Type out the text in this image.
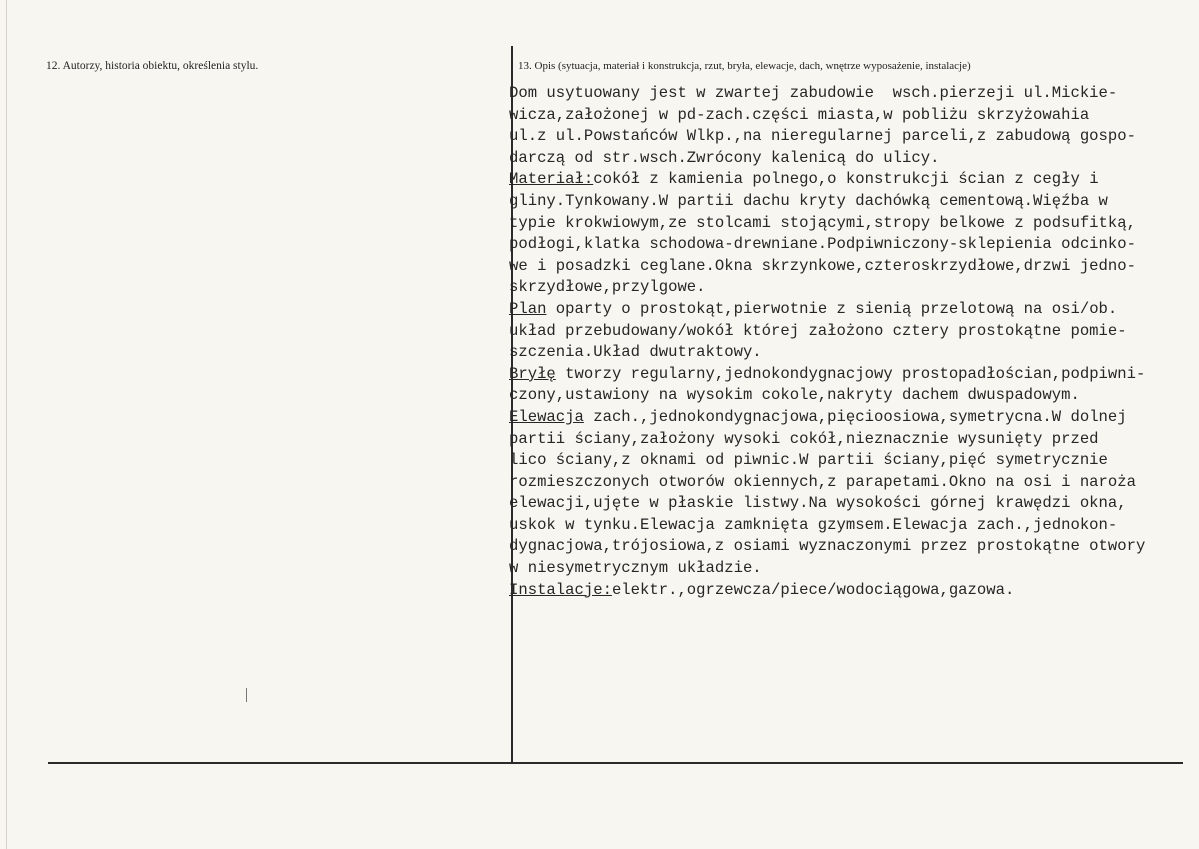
12. Autorzy, historia obiektu, określenia stylu.	13. Opis (sytuacja, materiał i konstrukcja, rzut, bryła, elewacje, dach, wnętrze wyposażenie, instalacje)
Dom usytuowany jest w zwartej zabudowie  wsch.pierzeji ul.Mickie-
wicza,założonej w pd-zach.części miasta,w pobliżu skrzyżowahia
ul.z ul.Powstańców Wlkp.,na nieregularnej parceli,z zabudową gospo-
darczą od str.wsch.Zwrócony kalenicą do ulicy.
Materiał:cokół z kamienia polnego,o konstrukcji ścian z cegły i
gliny.Tynkowany.W partii dachu kryty dachówką cementową.Więźba w
typie krokwiowym,ze stolcami stojącymi,stropy belkowe z podsufitką,
podłogi,klatka schodowa-drewniane.Podpiwniczony-sklepienia odcinko-
we i posadzki ceglane.Okna skrzynkowe,czteroskrzydłowe,drzwi jedno-
skrzydłowe,przylgowe.
Plan oparty o prostokąt,pierwotnie z sienią przelotową na osi/ob.
układ przebudowany/wokół której założono cztery prostokątne pomie-
szczenia.Układ dwutraktowy.
Bryłę tworzy regularny,jednokondygnacjowy prostopadłościan,podpiwni-
czony,ustawiony na wysokim cokole,nakryty dachem dwuspadowym.
Elewacja zach.,jednokondygnacjowa,pięcioosiowa,symetrycna.W dolnej
partii ściany,założony wysoki cokół,nieznacznie wysunięty przed
lico ściany,z oknami od piwnic.W partii ściany,pięć symetrycznie
rozmieszczonych otworów okiennych,z parapetami.Okno na osi i naroża
elewacji,ujęte w płaskie listwy.Na wysokości górnej krawędzi okna,
uskok w tynku.Elewacja zamknięta gzymsem.Elewacja zach.,jednokon-
dygnacjowa,trójosiowa,z osiami wyznaczonymi przez prostokątne otwory
w niesymetrycznym układzie.
Instalacje:elektr.,ogrzewcza/piece/wodociągowa,gazowa.
